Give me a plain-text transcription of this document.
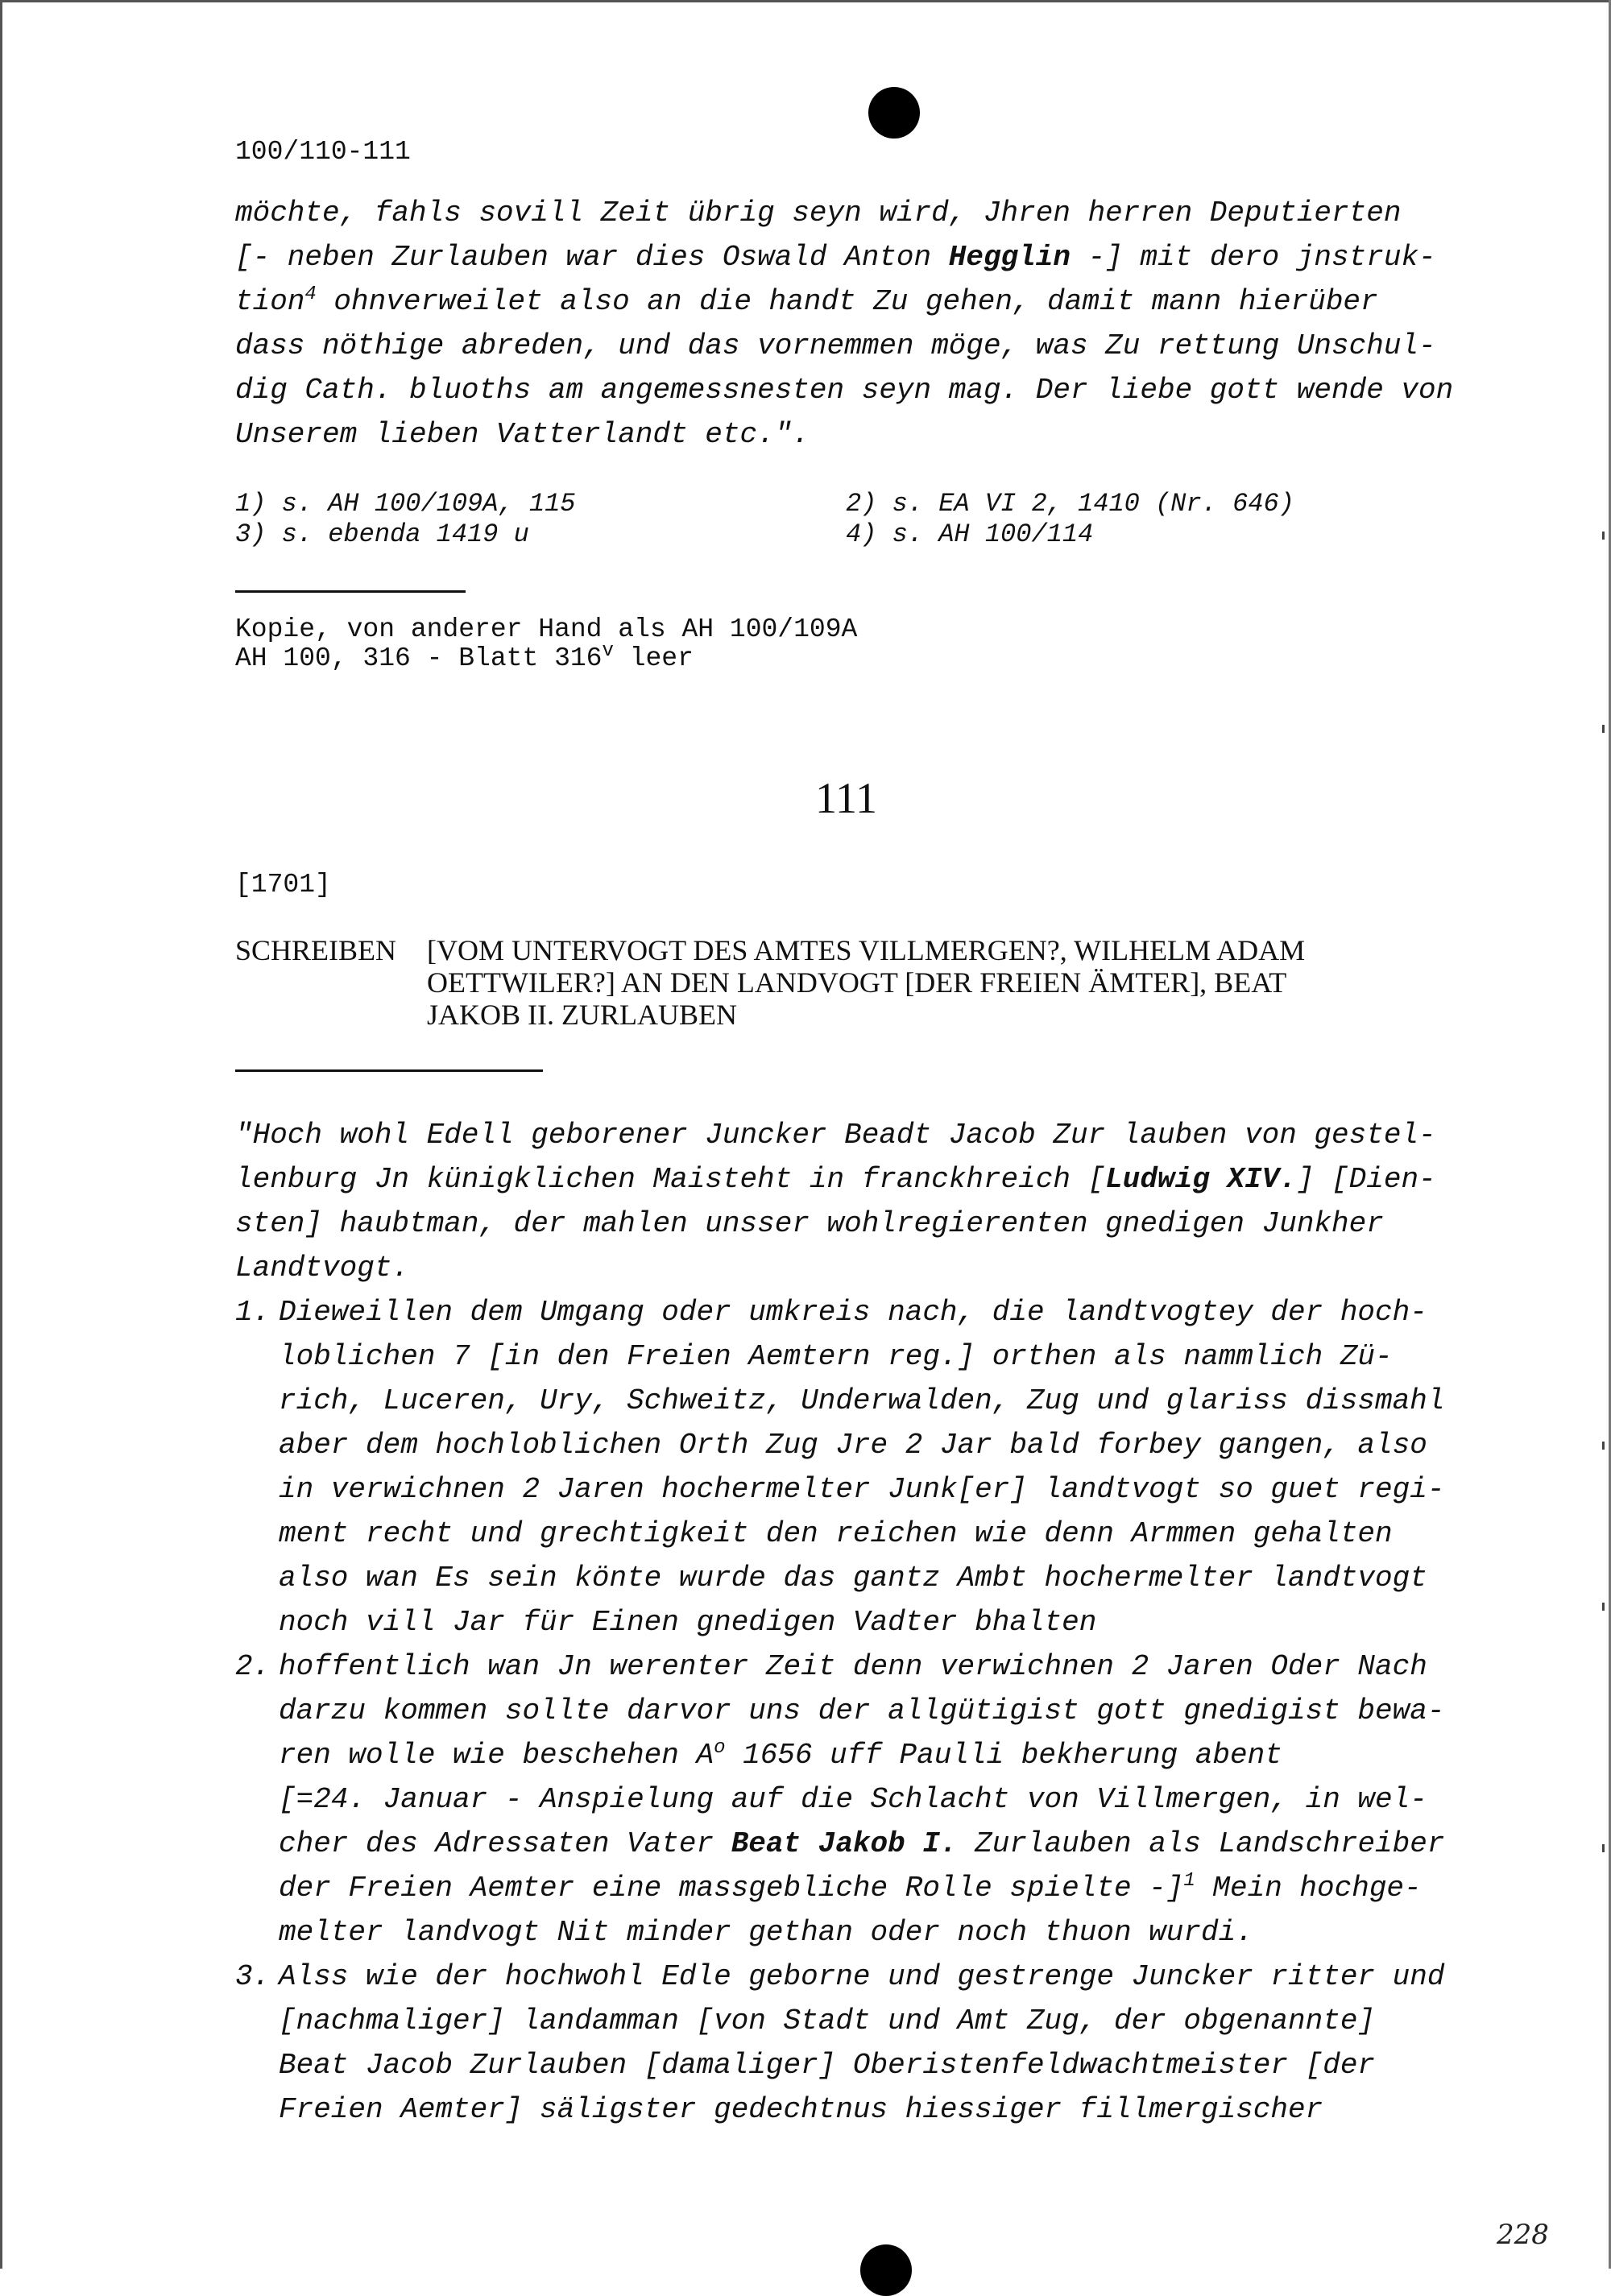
100/110-111

möchte, fahls sovill Zeit übrig seyn wird, Jhren herren Deputierten

[- neben Zurlauben war dies Oswald Anton Hegglin -] mit dero jnstruk-

tion$^4$ ohnverweilet also an die handt Zu gehen, damit mann hierüber

dass nöthige abreden, und das vornemmen möge, was Zu rettung Unschul-

dig Cath. bluoths am angemessnesten seyn mag. Der liebe gott wende von

Unserem lieben Vatterlandt etc.".

1) s. AH 100/109A, 115	2) s. EA VI 2, 1410 (Nr. 646)
3) s. ebenda 1419 u	4) s. AH 100/114
Kopie, von anderer Hand als AH 100/109A
AH 100, 316 - Blatt 316$^v$ leer
111
[1701]
SCHREIBEN [VOM UNTERVOGT DES AMTES VILLMERGEN?, WILHELM ADAM
OETTWILER?] AN DEN LANDVOGT [DER FREIEN ÄMTER], BEAT
JAKOB II. ZURLAUBEN

"Hoch wohl Edell geborener Juncker Beadt Jacob Zur lauben von gestel-

lenburg Jn künigklichen Maisteht in franckhreich [Ludwig XIV.] [Dien-

sten] haubtman, der mahlen unsser wohlregierenten gnedigen Junkher

Landtvogt.

1. Dieweillen dem Umgang oder umkreis nach, die landtvogtey der hoch-

loblichen 7 [in den Freien Aemtern reg.] orthen als nammlich Zü-

rich, Luceren, Ury, Schweitz, Underwalden, Zug und glariss dissmahl

aber dem hochloblichen Orth Zug Jre 2 Jar bald forbey gangen, also

in verwichnen 2 Jaren hochermelter Junk[er] landtvogt so guet regi-

ment recht und grechtigkeit den reichen wie denn Armmen gehalten

also wan Es sein könte wurde das gantz Ambt hochermelter landtvogt

noch vill Jar für Einen gnedigen Vadter bhalten

2. hoffentlich wan Jn werenter Zeit denn verwichnen 2 Jaren Oder Nach

darzu kommen sollte darvor uns der allgütigist gott gnedigist bewa-

ren wolle wie beschehen $A^o$ 1656 uff Paulli bekherung abent

[=24. Januar - Anspielung auf die Schlacht von Villmergen, in wel-

cher des Adressaten Vater Beat Jakob I. Zurlauben als Landschreiber

der Freien Aemter eine massgebliche Rolle spielte -]$^1$ Mein hochge-

melter landvogt Nit minder gethan oder noch thuon wurdi.

3. Alss wie der hochwohl Edle geborne und gestrenge Juncker ritter und

[nachmaliger] landamman [von Stadt und Amt Zug, der obgenannte]

Beat Jacob Zurlauben [damaliger] Oberistenfeldwachtmeister [der

Freien Aemter] säligster gedechtnus hiessiger fillmergischer

228
